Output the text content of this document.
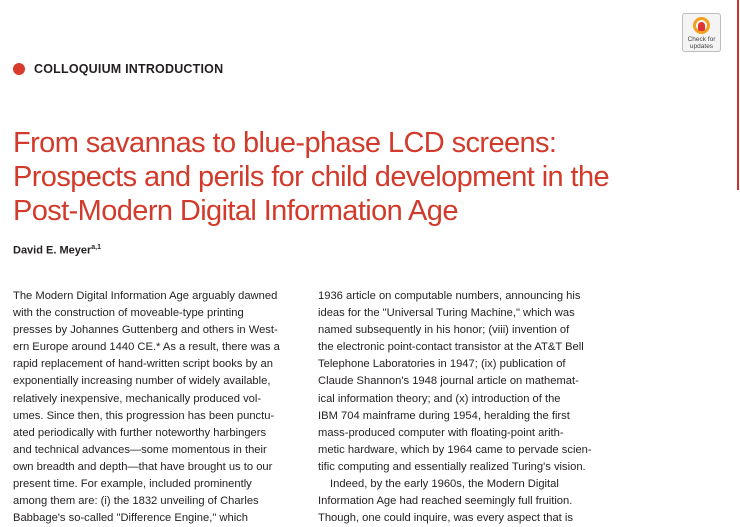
Check for
updates
COLLOQUIUM INTRODUCTION
From savannas to blue-phase LCD screens:
Prospects and perils for child development in the
Post-Modern Digital Information Age
David E. Meyer$^{a,1}$
The Modern Digital Information Age arguably dawned
with the construction of moveable-type printing
presses by Johannes Guttenberg and others in West-
ern Europe around 1440 CE.* As a result, there was a
rapid replacement of hand-written script books by an
exponentially increasing number of widely available,
relatively inexpensive, mechanically produced vol-
umes. Since then, this progression has been punctu-
ated periodically with further noteworthy harbingers
and technical advances—some momentous in their
own breadth and depth—that have brought us to our
present time. For example, included prominently
among them are: (i) the 1832 unveiling of Charles
Babbage's so-called "Difference Engine," which
1936 article on computable numbers, announcing his
ideas for the "Universal Turing Machine," which was
named subsequently in his honor; (viii) invention of
the electronic point-contact transistor at the AT&T Bell
Telephone Laboratories in 1947; (ix) publication of
Claude Shannon's 1948 journal article on mathemat-
ical information theory; and (x) introduction of the
IBM 704 mainframe during 1954, heralding the first
mass-produced computer with floating-point arith-
metic hardware, which by 1964 came to pervade scien-
tific computing and essentially realized Turing's vision.
Indeed, by the early 1960s, the Modern Digital
Information Age had reached seemingly full fruition.
Though, one could inquire, was every aspect that is
